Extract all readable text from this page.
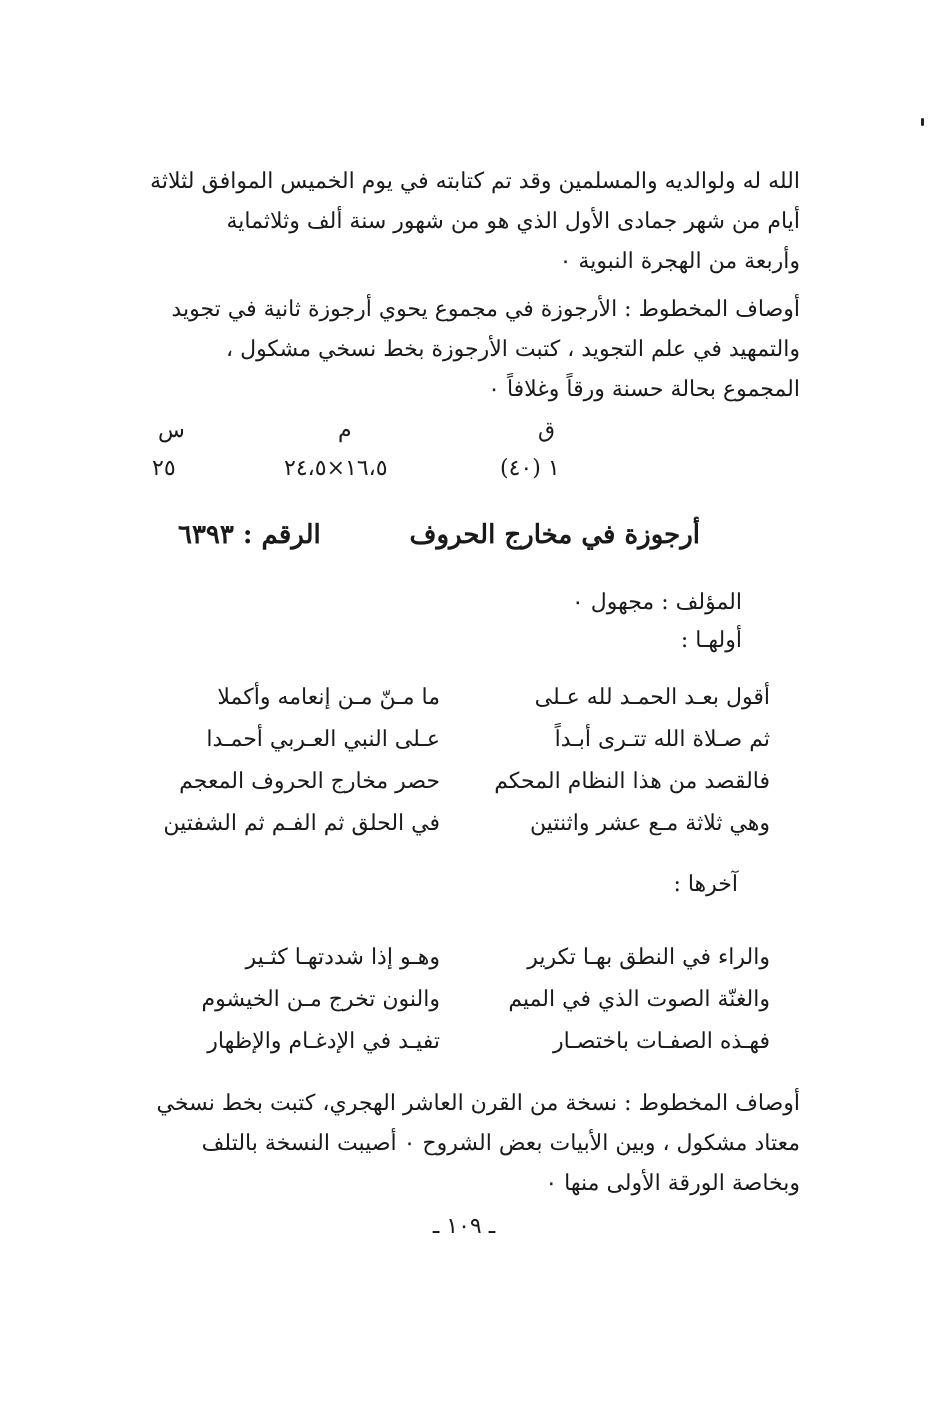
الله له ولوالديه والمسلمين وقد تم كتابته في يوم الخميس الموافق لثلاثة
أيام من شهر جمادى الأول الذي هو من شهور سنة ألف وثلاثماية
وأربعة من الهجرة النبوية ٠
أوصاف المخطوط : الأرجوزة في مجموع يحوي أرجوزة ثانية في تجويد
والتمهيد في علم التجويد ، كتبت الأرجوزة بخط نسخي مشكول ،
المجموع بحالة حسنة ورقاً وغلافاً ٠
ق
م
س
١ (٤٠)
١٦،٥×٢٤،٥
٢٥
أرجوزة في مخارج الحروف
الرقم : ٦٣٩٣
المؤلف : مجهول ٠
أولهـا :
أقول بعـد الحمـد لله عـلى
ما مـنّ مـن إنعامه وأكملا
ثم صـلاة الله تتـرى أبـداً
عـلى النبي العـربي أحمـدا
فالقصد من هذا النظام المحكم
حصر مخارج الحروف المعجم
وهي ثلاثة مـع عشر واثنتين
في الحلق ثم الفـم ثم الشفتين
آخرها :
والراء في النطق بهـا تكرير
وهـو إذا شددتهـا كثـير
والغنّة الصوت الذي في الميم
والنون تخرج مـن الخيشوم
فهـذه الصفـات باختصـار
تفيـد في الإدغـام والإظهار
أوصاف المخطوط : نسخة من القرن العاشر الهجري، كتبت بخط نسخي
معتاد مشكول ، وبين الأبيات بعض الشروح ٠ أصيبت النسخة بالتلف
وبخاصة الورقة الأولى منها ٠
ـ ١٠٩ ـ
